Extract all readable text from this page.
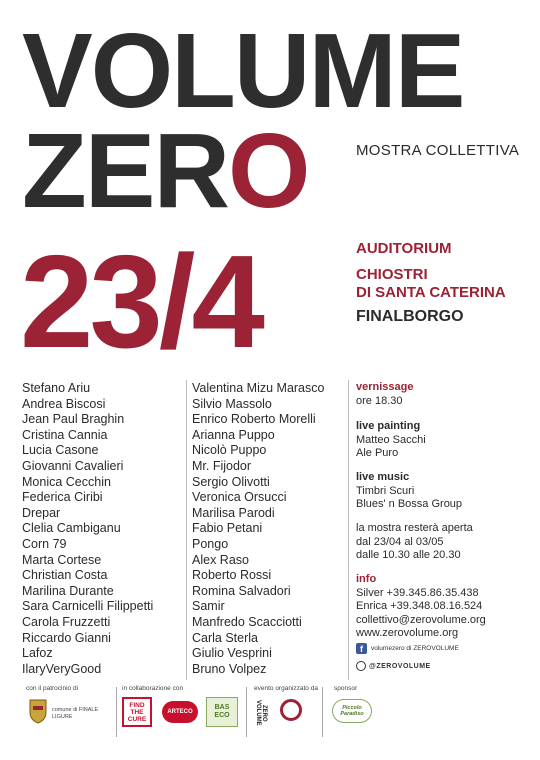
VOLUME
ZERO
23/4
MOSTRA COLLETTIVA
AUDITORIUM
CHIOSTRI
DI SANTA CATERINA
FINALBORGO
Stefano Ariu
Andrea Biscosi
Jean Paul Braghin
Cristina Cannia
Lucia Casone
Giovanni Cavalieri
Monica Cecchin
Federica Ciribi
Drepar
Clelia Cambiganu
Corn 79
Marta Cortese
Christian Costa
Marilina Durante
Sara Carnicelli Filippetti
Carola Fruzzetti
Riccardo Gianni
Lafoz
IlaryVeryGood
Valentina Mizu Marasco
Silvio Massolo
Enrico Roberto Morelli
Arianna Puppo
Nicolò Puppo
Mr. Fijodor
Sergio Olivotti
Veronica Orsucci
Marilisa Parodi
Fabio Petani
Pongo
Alex Raso
Roberto Rossi
Romina Salvadori
Samir
Manfredo Scacciotti
Carla Sterla
Giulio Vesprini
Bruno Volpez
vernissage
ore 18.30
live painting
Matteo Sacchi
Ale Puro
live music
Timbri Scuri
Blues' n Bossa Group
la mostra resterà aperta
dal 23/04 al 03/05
dalle 10.30 alle 20.30
info
Silver +39.345.86.35.438
Enrica +39.348.08.16.524
collettivo@zerovolume.org
www.zerovolume.org
f	volumezero di ZEROVOLUME
@ZEROVOLUME
con il patrocinio di
comune di FINALE LIGURE
in collaborazione con
FIND THE CURE
ARTECO
BAS ECO
evento organizzato da
ZERO VOLUME
sponsor
Piccolo Paradiso
